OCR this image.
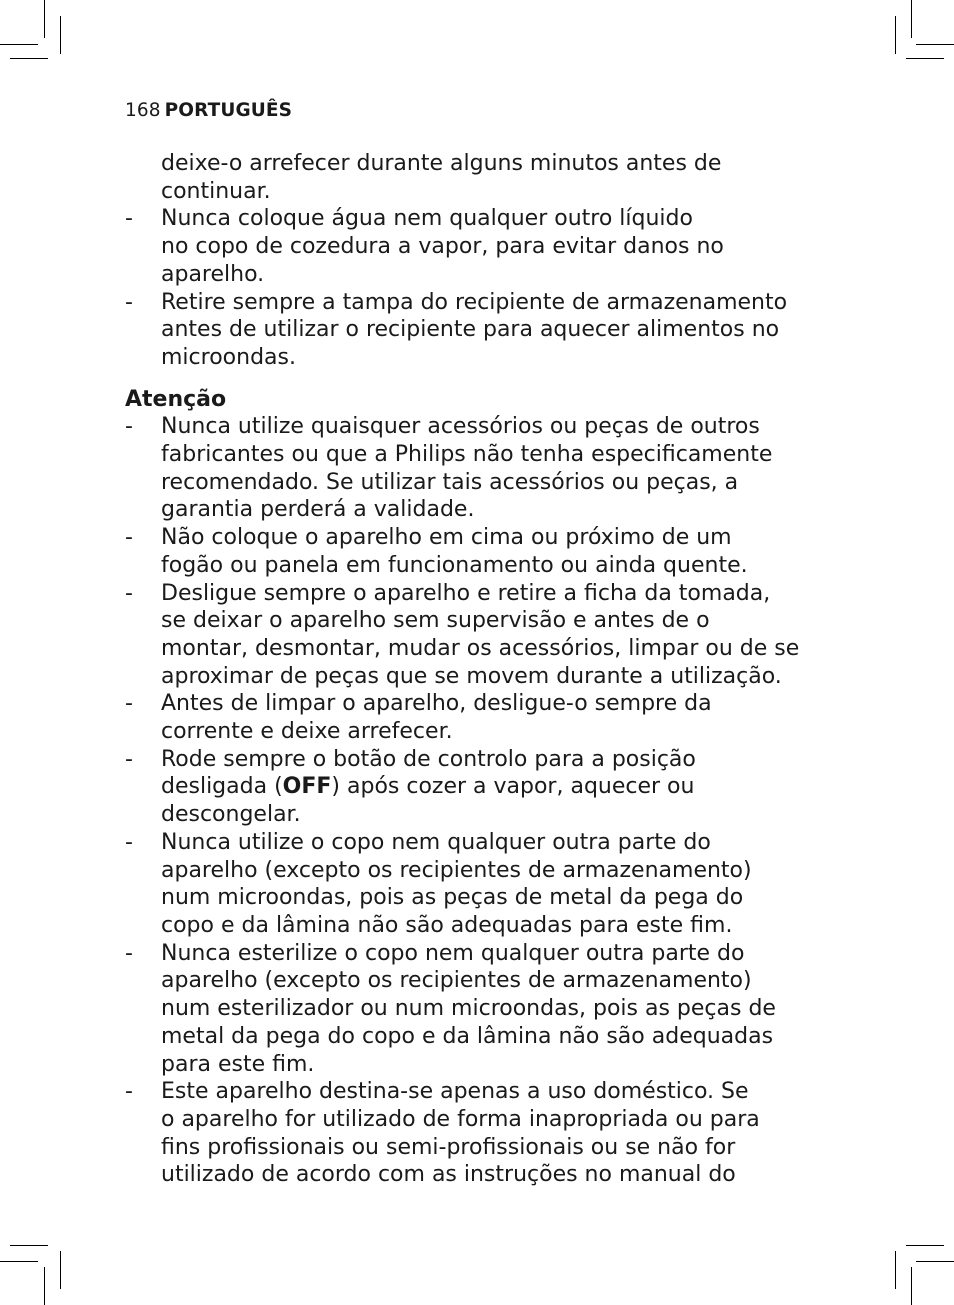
168 PORTUGUÊS
deixe-o arrefecer durante alguns minutos antes de
continuar.
-	Nunca coloque água nem qualquer outro líquido
no copo de cozedura a vapor, para evitar danos no
aparelho.
-	Retire sempre a tampa do recipiente de armazenamento
antes de utilizar o recipiente para aquecer alimentos no
microondas.
Atenção
-	Nunca utilize quaisquer acessórios ou peças de outros
fabricantes ou que a Philips não tenha especificamente
recomendado. Se utilizar tais acessórios ou peças, a
garantia perderá a validade.
-	Não coloque o aparelho em cima ou próximo de um
fogão ou panela em funcionamento ou ainda quente.
-	Desligue sempre o aparelho e retire a ficha da tomada,
se deixar o aparelho sem supervisão e antes de o
montar, desmontar, mudar os acessórios, limpar ou de se
aproximar de peças que se movem durante a utilização.
-	Antes de limpar o aparelho, desligue-o sempre da
corrente e deixe arrefecer.
-	Rode sempre o botão de controlo para a posição
desligada (OFF) após cozer a vapor, aquecer ou
descongelar.
-	Nunca utilize o copo nem qualquer outra parte do
aparelho (excepto os recipientes de armazenamento)
num microondas, pois as peças de metal da pega do
copo e da lâmina não são adequadas para este fim.
-	Nunca esterilize o copo nem qualquer outra parte do
aparelho (excepto os recipientes de armazenamento)
num esterilizador ou num microondas, pois as peças de
metal da pega do copo e da lâmina não são adequadas
para este fim.
-	Este aparelho destina-se apenas a uso doméstico. Se
o aparelho for utilizado de forma inapropriada ou para
fins profissionais ou semi-profissionais ou se não for
utilizado de acordo com as instruções no manual do
